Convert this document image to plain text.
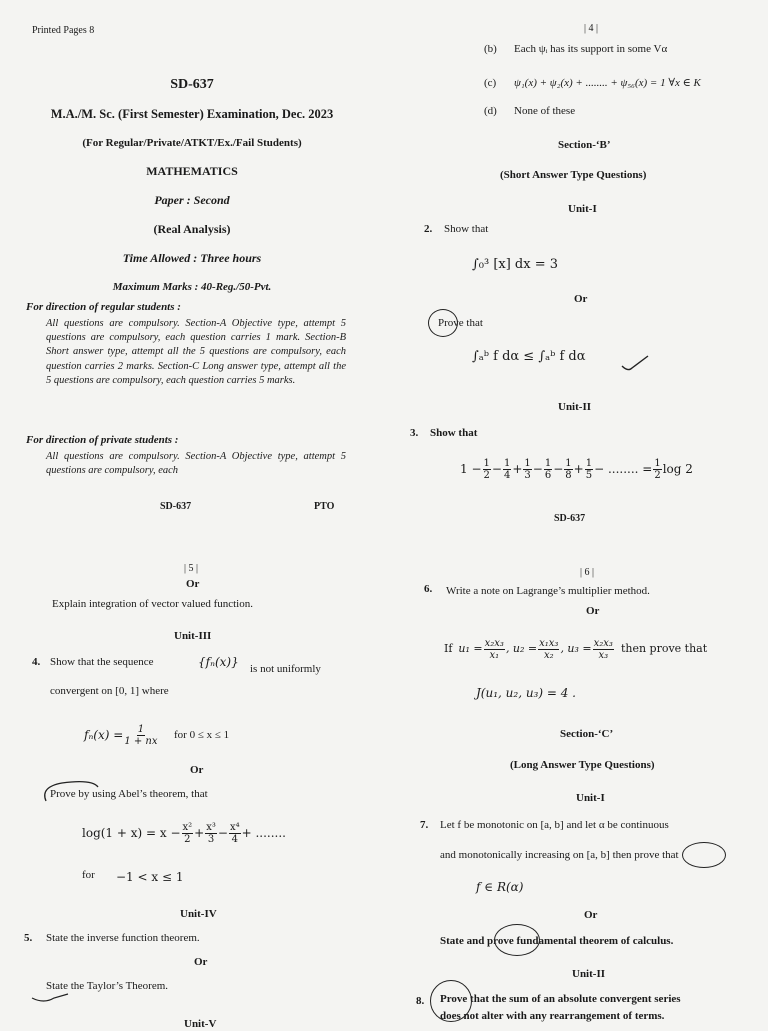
Printed Pages 8
SD-637
M.A./M. Sc. (First Semester) Examination, Dec. 2023
(For Regular/Private/ATKT/Ex./Fail Students)
MATHEMATICS
Paper : Second
(Real Analysis)
Time Allowed : Three hours
Maximum Marks : 40-Reg./50-Pvt.
For direction of regular students :
All questions are compulsory. Section-A Objective type, attempt 5 questions are compulsory, each question carries 1 mark. Section-B Short answer type, attempt all the 5 questions are compulsory, each question carries 2 marks. Section-C Long answer type, attempt all the 5 questions are compulsory, each question carries 5 marks.
For direction of private students :
All questions are compulsory. Section-A Objective type, attempt 5 questions are compulsory, each
SD-637	PTO
| 4 |
(b) Each ψᵢ has its support in some Vα
(c) ψ₁(x) + ψ₂(x) + ........ + ψ₅₆(x) = 1 ∀x ∈ K
(d) None of these
Section-‘B’
(Short Answer Type Questions)
Unit-I
2. Show that
∫₀³ [x] dx = 3
Or
Prove that
∫ₐᵇ f dα ≤ ∫ₐᵇ f dα
Unit-II
3. Show that
$1 - \frac{1}{2} - \frac{1}{4} + \frac{1}{3} - \frac{1}{6} - \frac{1}{8} + \frac{1}{5}$ − ........ = $\frac{1}{2}$ log 2
SD-637
| 5 |
Or
Explain integration of vector valued function.
Unit-III
4. Show that the sequence	{fₙ(x)} is not uniformly
convergent on [0, 1] where
$f_n(x) = \frac{1}{1 + nx}$ for 0 ≤ x ≤ 1
Or
Prove by using Abel’s theorem, that
$\log(1 + x) = x - \frac{\text{x²}}{2} + \frac{\text{x³}}{3} - \frac{\text{x⁴}}{4}$ + ........
for −1 < x ≤ 1
Unit-IV
5. State the inverse function theorem.
Or
State the Taylor’s Theorem.
Unit-V
| 6 |
6. Write a note on Lagrange’s multiplier method.
Or
If $u_1 = \frac{\text{x₂x₃}}{\text{x₁}}$ , $u_2 = \frac{\text{x₁x₃}}{\text{x₂}}$ , $u_3 = \frac{\text{x₂x₃}}{\text{x₃}}$ then prove that
J(u₁, u₂, u₃) = 4 .
Section-‘C’
(Long Answer Type Questions)
Unit-I
7. Let f be monotonic on [a, b] and let α be continuous
and monotonically increasing on [a, b] then prove that
f ∈ R(α)
Or
State and prove fundamental theorem of calculus.
Unit-II
8. Prove that the sum of an absolute convergent series
does not alter with any rearrangement of terms.
